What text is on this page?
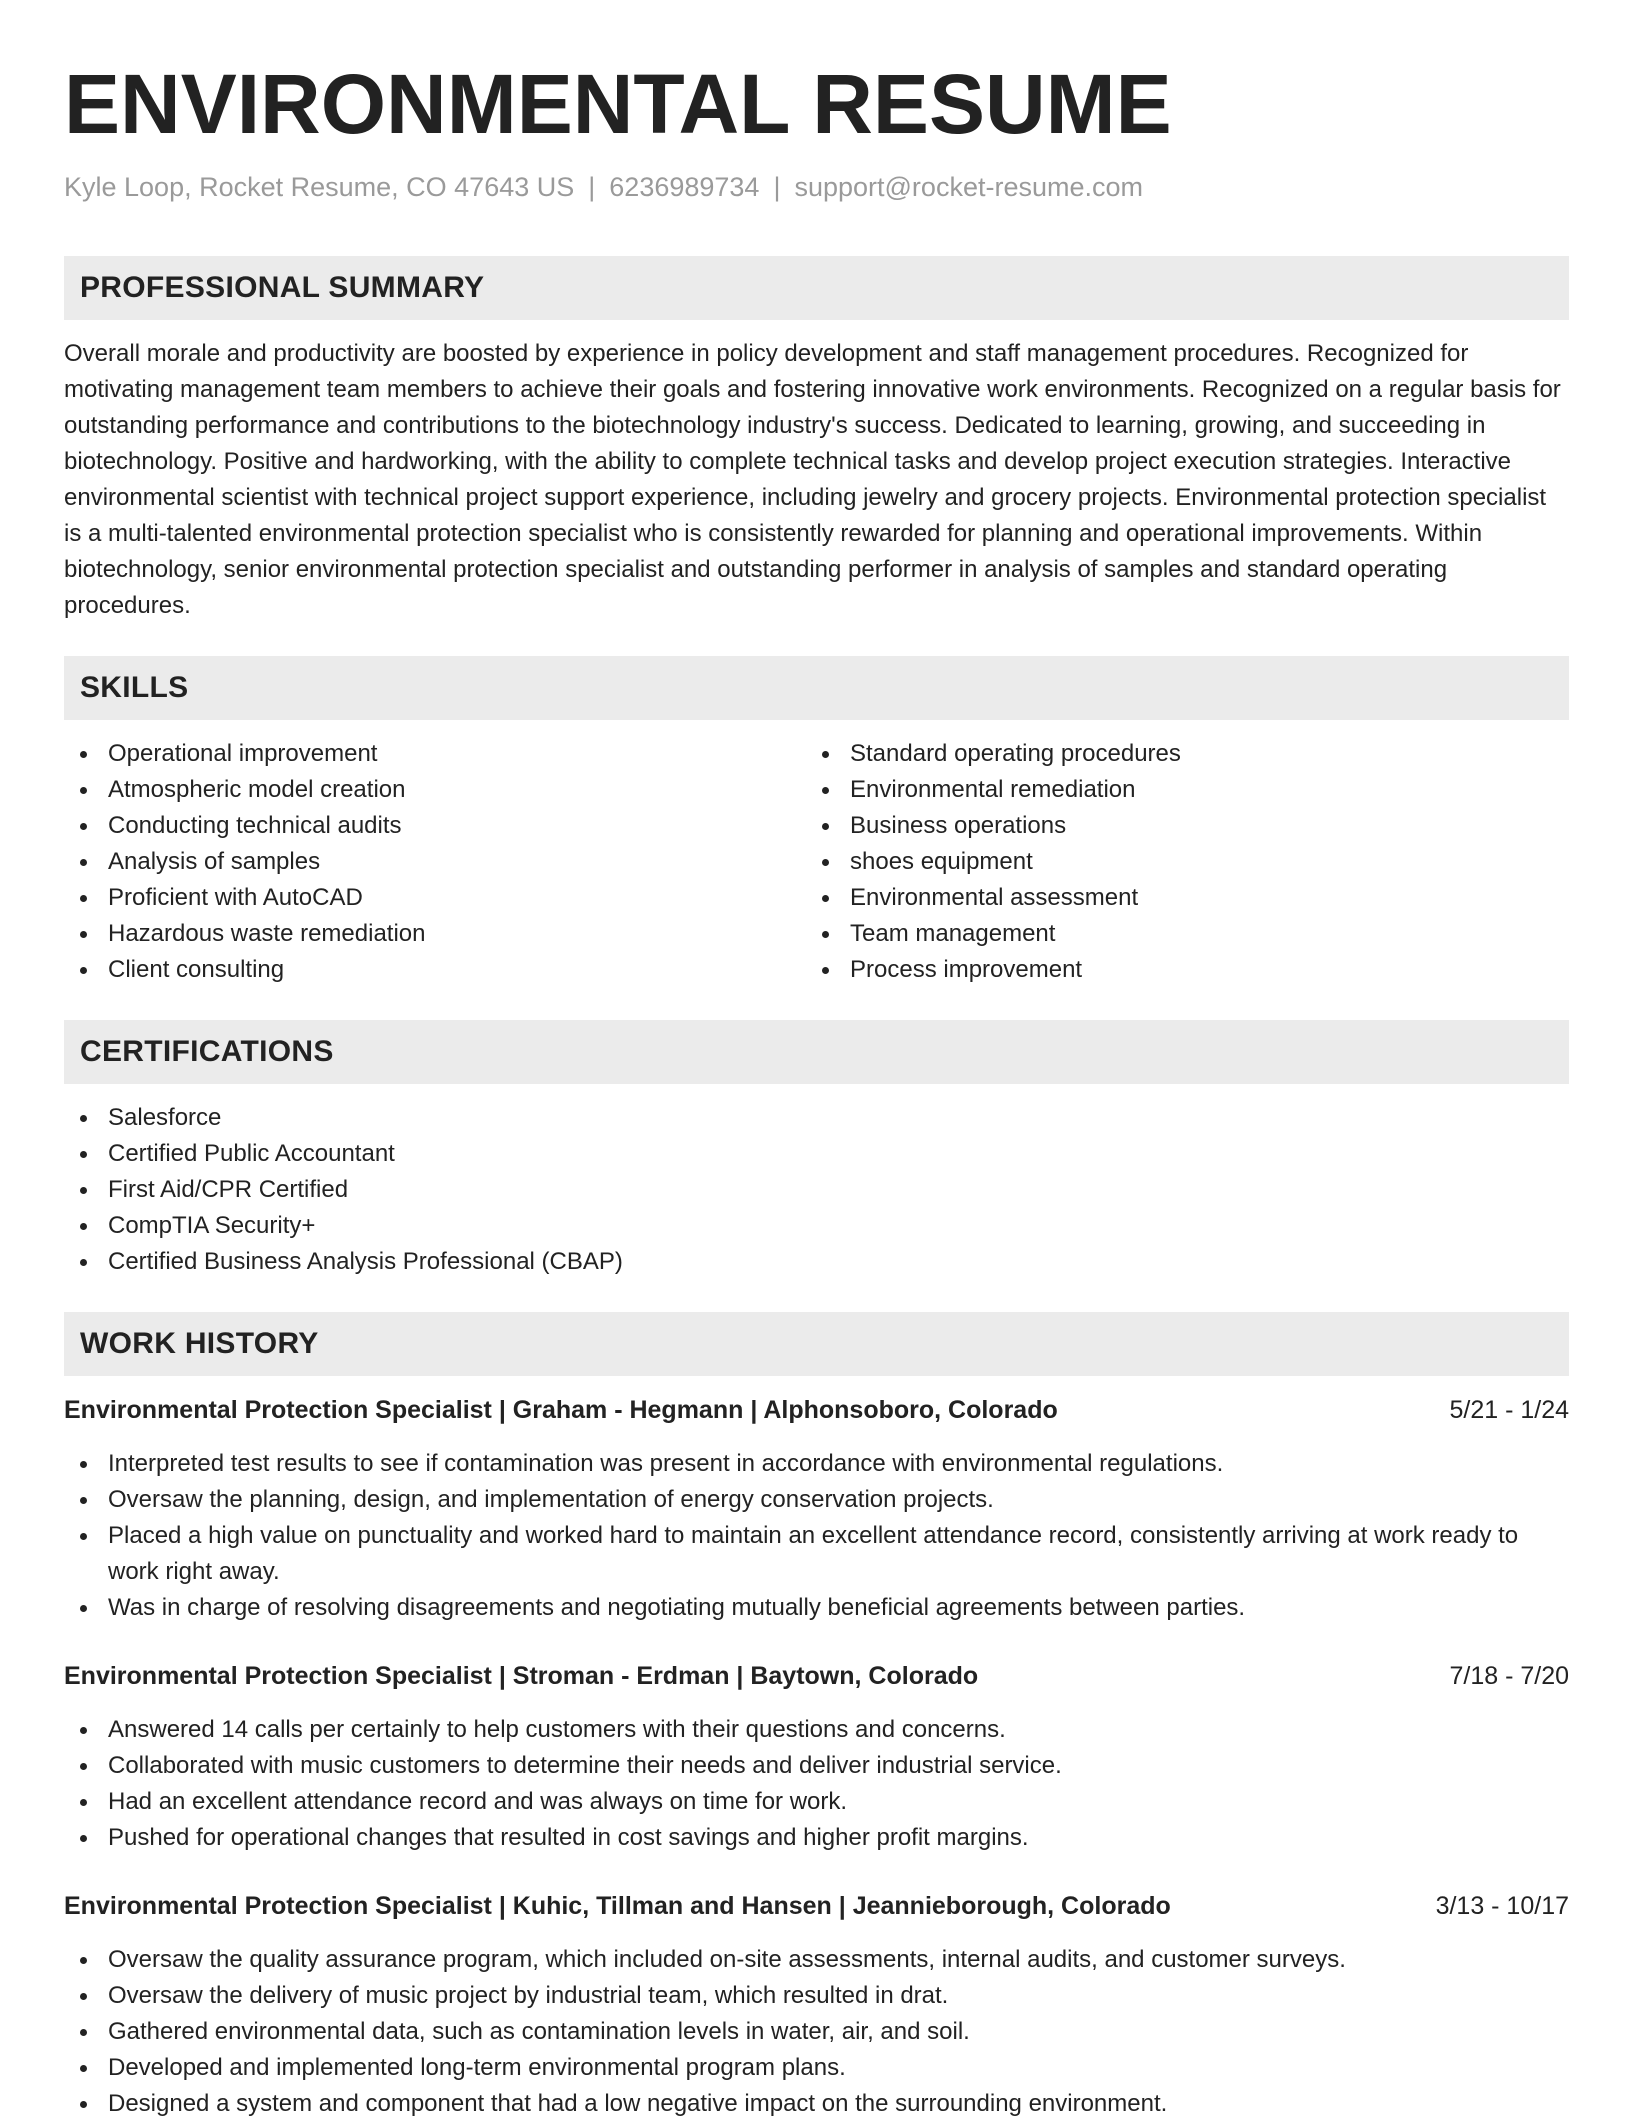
ENVIRONMENTAL RESUME
Kyle Loop, Rocket Resume, CO 47643 US | 6236989734 | support@rocket-resume.com
PROFESSIONAL SUMMARY

Overall morale and productivity are boosted by experience in policy development and staff management procedures. Recognized for motivating management team members to achieve their goals and fostering innovative work environments. Recognized on a regular basis for outstanding performance and contributions to the biotechnology industry's success. Dedicated to learning, growing, and succeeding in biotechnology. Positive and hardworking, with the ability to complete technical tasks and develop project execution strategies. Interactive environmental scientist with technical project support experience, including jewelry and grocery projects. Environmental protection specialist is a multi-talented environmental protection specialist who is consistently rewarded for planning and operational improvements. Within biotechnology, senior environmental protection specialist and outstanding performer in analysis of samples and standard operating procedures.

SKILLS
Operational improvement
Atmospheric model creation
Conducting technical audits
Analysis of samples
Proficient with AutoCAD
Hazardous waste remediation
Client consulting
Standard operating procedures
Environmental remediation
Business operations
shoes equipment
Environmental assessment
Team management
Process improvement
CERTIFICATIONS
Salesforce
Certified Public Accountant
First Aid/CPR Certified
CompTIA Security+
Certified Business Analysis Professional (CBAP)
WORK HISTORY
Environmental Protection Specialist | Graham - Hegmann | Alphonsoboro, Colorado	5/21 - 1/24
Interpreted test results to see if contamination was present in accordance with environmental regulations.
Oversaw the planning, design, and implementation of energy conservation projects.
Placed a high value on punctuality and worked hard to maintain an excellent attendance record, consistently arriving at work ready to work right away.
Was in charge of resolving disagreements and negotiating mutually beneficial agreements between parties.
Environmental Protection Specialist | Stroman - Erdman | Baytown, Colorado	7/18 - 7/20
Answered 14 calls per certainly to help customers with their questions and concerns.
Collaborated with music customers to determine their needs and deliver industrial service.
Had an excellent attendance record and was always on time for work.
Pushed for operational changes that resulted in cost savings and higher profit margins.
Environmental Protection Specialist | Kuhic, Tillman and Hansen | Jeannieborough, Colorado	3/13 - 10/17
Oversaw the quality assurance program, which included on-site assessments, internal audits, and customer surveys.
Oversaw the delivery of music project by industrial team, which resulted in drat.
Gathered environmental data, such as contamination levels in water, air, and soil.
Developed and implemented long-term environmental program plans.
Designed a system and component that had a low negative impact on the surrounding environment.
